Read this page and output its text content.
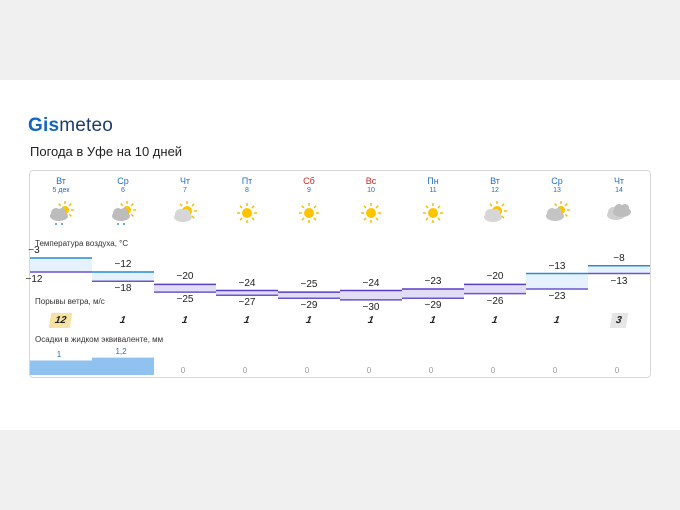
Gismeteo
Погода в Уфе на 10 дней
Температура воздуха, °C
Порывы ветра, м/с
Осадки в жидком эквиваленте, мм
Вт
5 дек
−3
−12
12
1
Ср
6
−12
−18
1
1,2
Чт
7
−20
−25
1
0
Пт
8
−24
−27
1
0
Сб
9
−25
−29
1
0
Вс
10
−24
−30
1
0
Пн
11
−23
−29
1
0
Вт
12
−20
−26
1
0
Ср
13
−13
−23
1
0
Чт
14
−8
−13
3
0
